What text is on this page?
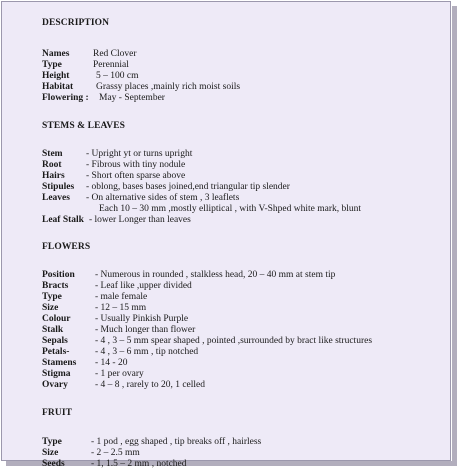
DESCRIPTION
Names Red Clover
Type	Perennial
Height	5 – 100 cm
Habitat Grassy places ,mainly rich moist soils
Flowering : May - September
STEMS & LEAVES
Stem - Upright yt or turns upright
Root	- Fibrous with tiny nodule
Hairs - Short often sparse above
Stipules - oblong, bases bases joined,end triangular tip slender
Leaves - On alternative sides of stem , 3 leaflets
Each 10 – 30 mm ,mostly elliptical , with V-Shped white mark, blunt
Leaf Stalk - lower Longer than leaves
FLOWERS
Position - Numerous in rounded , stalkless head, 20 – 40 mm at stem tip
Bracts	- Leaf like ,upper divided
Type	- male female
Size	- 12 – 15 mm
Colour	- Usually Pinkish Purple
Stalk	- Much longer than flower
Sepals	- 4 , 3 – 5 mm spear shaped , pointed ,surrounded by bract like structures
Petals-	- 4 , 3 – 6 mm , tip notched
Stamens - 14 - 20
Stigma	- 1 per ovary
Ovary	- 4 – 8 , rarely to 20, 1 celled
FRUIT
Type	- 1 pod , egg shaped , tip breaks off , hairless
Size	- 2 – 2.5 mm
Seeds	- 1, 1.5 – 2 mm , notched
